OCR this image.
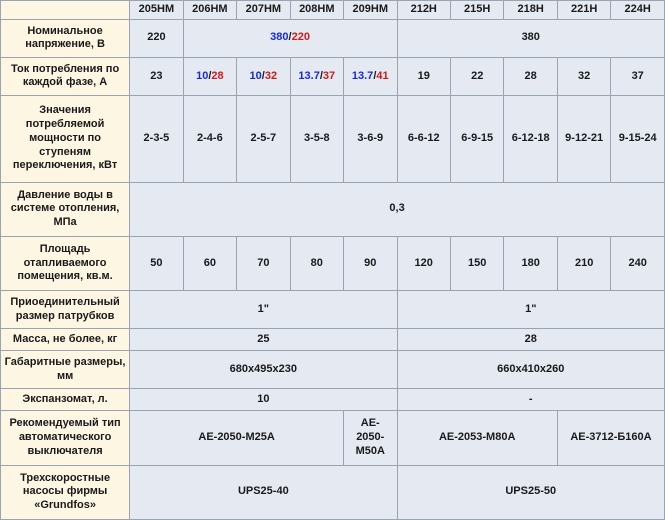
	205HM	206HM	207HM	208HM	209HM	212H	215H	218H	221H	224H
Номинальное напряжение, В	220	380/220				380				
Ток потребления по каждой фазе, А	23	10/28	10/32	13.7/37	13.7/41	19	22	28	32	37
Значения потребляемой мощности по ступеням переключения, кВт	2-3-5	2-4-6	2-5-7	3-5-8	3-6-9	6-6-12	6-9-15	6-12-18	9-12-21	9-15-24
Давление воды в системе отопления, МПа	0,3									
Площадь отапливаемого помещения, кв.м.	50	60	70	80	90	120	150	180	210	240
Приоединительный размер патрубков	1"					1"				
Масса, не более, кг	25					28				
Габаритные размеры, мм	680x495x230					660x410x260				
Экспанзомат, л.	10					-				
Рекомендуемый тип автоматического выключателя	AE-2050-M25A				AE-2050-M50A	AE-2053-M80A			AE-3712-Б160A	
Трехскоростные насосы фирмы «Grundfos»	UPS25-40					UPS25-50				
